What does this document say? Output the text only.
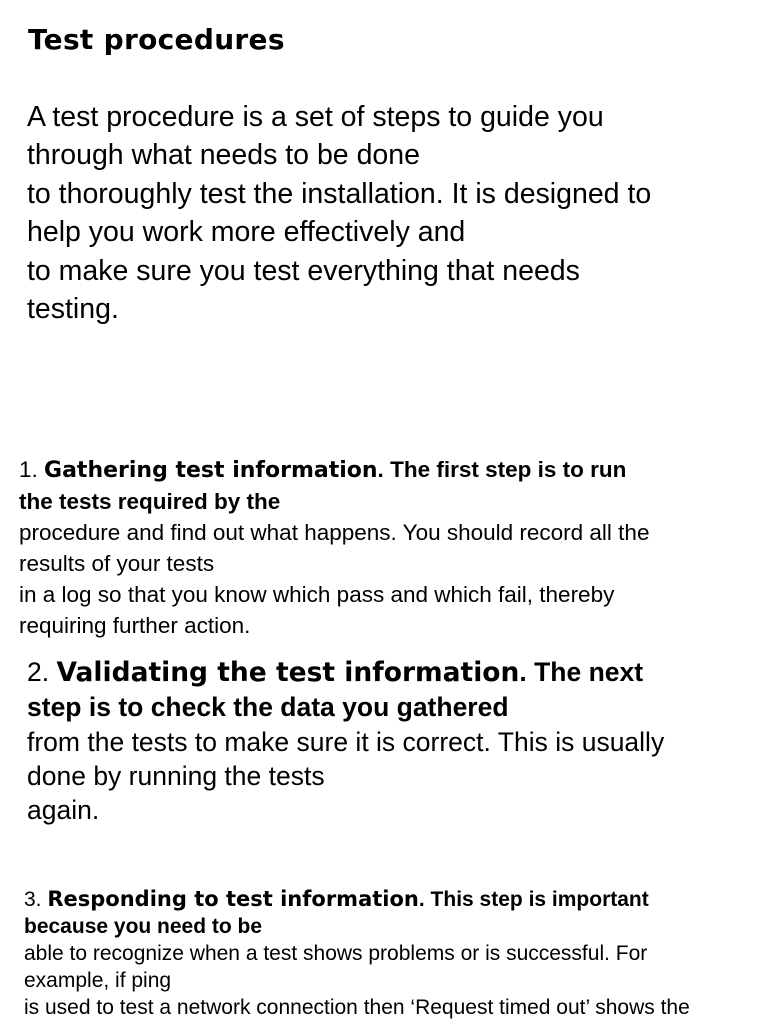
Test procedures
A test procedure is a set of steps to guide you
through what needs to be done
to thoroughly test the installation. It is designed to
help you work more effectively and
to make sure you test everything that needs
testing.
1. Gathering test information. The first step is to run
the tests required by the
procedure and find out what happens. You should record all the
results of your tests
in a log so that you know which pass and which fail, thereby
requiring further action.
2. Validating the test information. The next
step is to check the data you gathered
from the tests to make sure it is correct. This is usually
done by running the tests
again.
3. Responding to test information. This step is important
because you need to be
able to recognize when a test shows problems or is successful. For
example, if ping
is used to test a network connection then ‘Request timed out’ shows the
